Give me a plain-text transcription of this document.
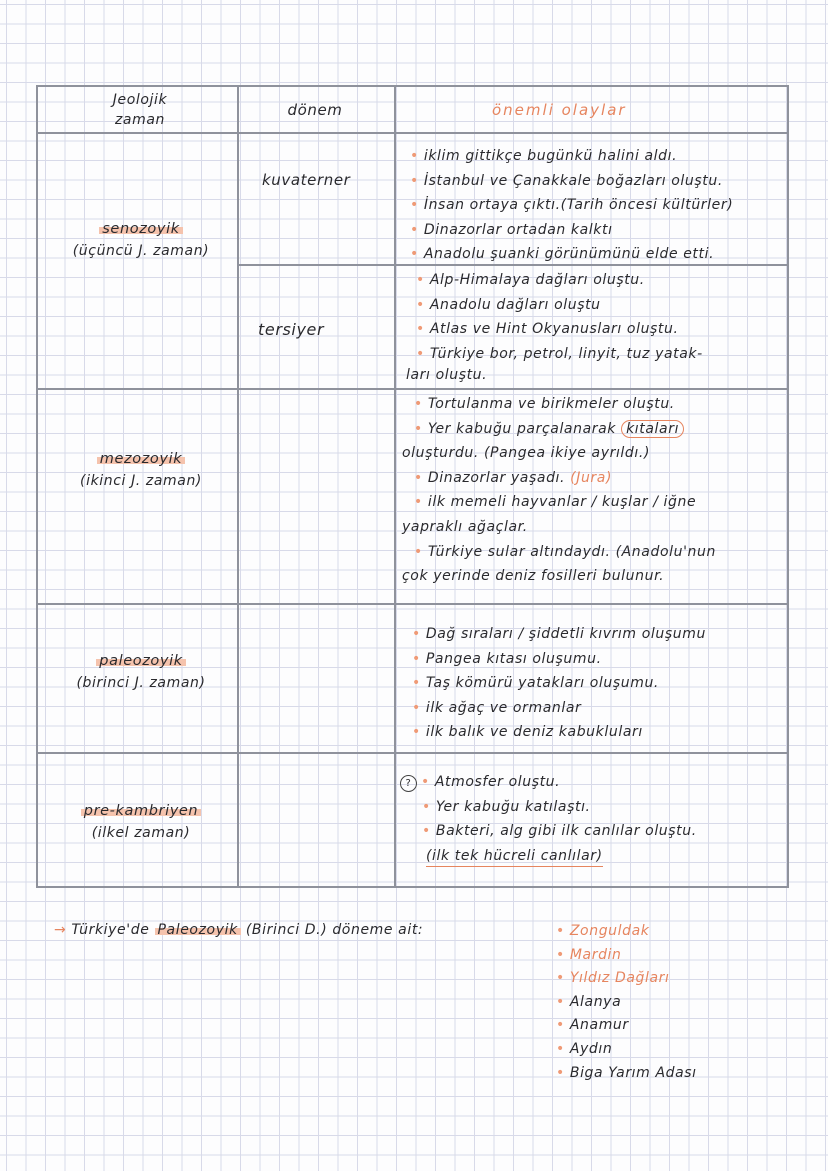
Jeolojik
zaman
dönem	önemli olaylar
senozoyik
(üçüncü J. zaman)
kuvaterner
• iklim gittikçe bugünkü halini aldı.
• İstanbul ve Çanakkale boğazları oluştu.
• İnsan ortaya çıktı.(Tarih öncesi kültürler)
• Dinazorlar ortadan kalktı
• Anadolu şuanki görünümünü elde etti.
tersiyer
• Alp-Himalaya dağları oluştu.
• Anadolu dağları oluştu
• Atlas ve Hint Okyanusları oluştu.
• Türkiye bor, petrol, linyit, tuz yatak-
ları oluştu.
mezozoyik
(ikinci J. zaman)
• Tortulanma ve birikmeler oluştu.
• Yer kabuğu parçalanarak kıtaları
oluşturdu. (Pangea ikiye ayrıldı.)
• Dinazorlar yaşadı. (Jura)
• ilk memeli hayvanlar / kuşlar / iğne
yapraklı ağaçlar.
• Türkiye sular altındaydı. (Anadolu'nun
çok yerinde deniz fosilleri bulunur.
paleozoyik
(birinci J. zaman)
• Dağ sıraları / şiddetli kıvrım oluşumu
• Pangea kıtası oluşumu.
• Taş kömürü yatakları oluşumu.
• ilk ağaç ve ormanlar
• ilk balık ve deniz kabukluları
pre-kambriyen
(ilkel zaman)
? • Atmosfer oluştu.
• Yer kabuğu katılaştı.
• Bakteri, alg gibi ilk canlılar oluştu.
(ilk tek hücreli canlılar)
→ Türkiye'de Paleozoyik (Birinci D.) döneme ait:	• Zonguldak
• Mardin
• Yıldız Dağları
• Alanya
• Anamur
• Aydın
• Biga Yarım Adası
